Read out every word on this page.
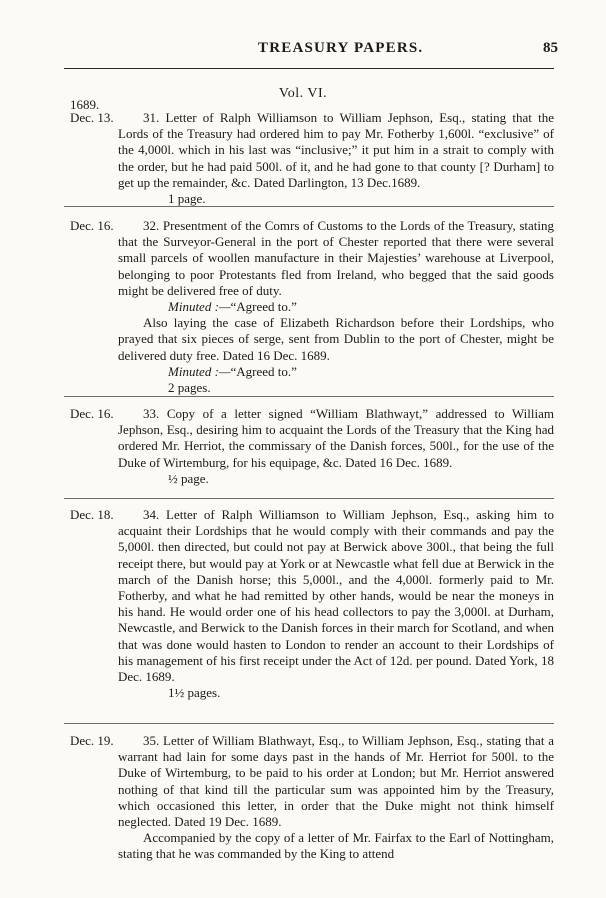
TREASURY PAPERS.	85
Vol. VI.
1689.
Dec. 13.	31. Letter of Ralph Williamson to William Jephson, Esq., stating that the Lords of the Treasury had ordered him to pay Mr. Fotherby 1,600l. “exclusive” of the 4,000l. which in his last was “inclusive;” it put him in a strait to comply with the order, but he had paid 500l. of it, and he had gone to that county [? Durham] to get up the remainder, &c. Dated Darlington, 13 Dec.1689.

1 page.

Dec. 16.	32. Presentment of the Comrs of Customs to the Lords of the Treasury, stating that the Surveyor-General in the port of Chester reported that there were several small parcels of woollen manufacture in their Majesties’ warehouse at Liverpool, belonging to poor Protestants fled from Ireland, who begged that the said goods might be delivered free of duty.

Minuted :—“Agreed to.”

Also laying the case of Elizabeth Richardson before their Lordships, who prayed that six pieces of serge, sent from Dublin to the port of Chester, might be delivered duty free. Dated 16 Dec. 1689.

Minuted :—“Agreed to.”

2 pages.

Dec. 16.	33. Copy of a letter signed “William Blathwayt,” addressed to William Jephson, Esq., desiring him to acquaint the Lords of the Treasury that the King had ordered Mr. Herriot, the commissary of the Danish forces, 500l., for the use of the Duke of Wirtemburg, for his equipage, &c. Dated 16 Dec. 1689.

½ page.

Dec. 18.	34. Letter of Ralph Williamson to William Jephson, Esq., asking him to acquaint their Lordships that he would comply with their commands and pay the 5,000l. then directed, but could not pay at Berwick above 300l., that being the full receipt there, but would pay at York or at Newcastle what fell due at Berwick in the march of the Danish horse; this 5,000l., and the 4,000l. formerly paid to Mr. Fotherby, and what he had remitted by other hands, would be near the moneys in his hand. He would order one of his head collectors to pay the 3,000l. at Durham, Newcastle, and Berwick to the Danish forces in their march for Scotland, and when that was done would hasten to London to render an account to their Lordships of his management of his first receipt under the Act of 12d. per pound. Dated York, 18 Dec. 1689.

1½ pages.

Dec. 19.	35. Letter of William Blathwayt, Esq., to William Jephson, Esq., stating that a warrant had lain for some days past in the hands of Mr. Herriot for 500l. to the Duke of Wirtemburg, to be paid to his order at London; but Mr. Herriot answered nothing of that kind till the particular sum was appointed him by the Treasury, which occasioned this letter, in order that the Duke might not think himself neglected. Dated 19 Dec. 1689.

Accompanied by the copy of a letter of Mr. Fairfax to the Earl of Nottingham, stating that he was commanded by the King to attend
